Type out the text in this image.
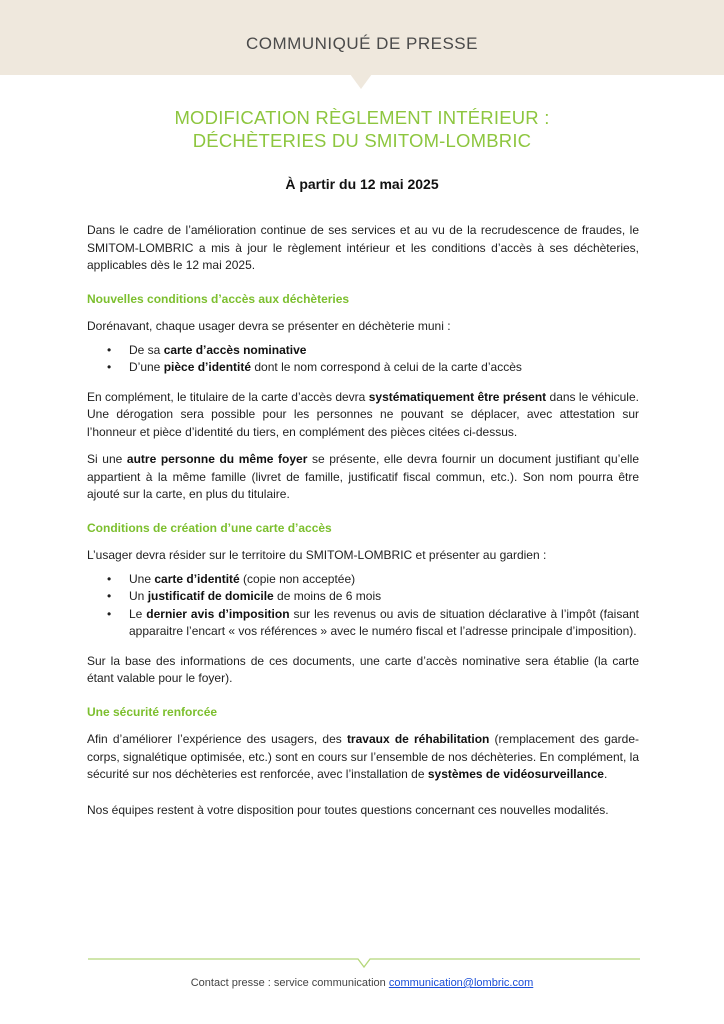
COMMUNIQUÉ DE PRESSE
MODIFICATION RÈGLEMENT INTÉRIEUR :
DÉCHÈTERIES DU SMITOM-LOMBRIC
À partir du 12 mai 2025

Dans le cadre de l’amélioration continue de ses services et au vu de la recrudescence de fraudes, le SMITOM-LOMBRIC a mis à jour le règlement intérieur et les conditions d’accès à ses déchèteries, applicables dès le 12 mai 2025.

Nouvelles conditions d’accès aux déchèteries

Dorénavant, chaque usager devra se présenter en déchèterie muni :

• De sa carte d’accès nominative
• D’une pièce d’identité dont le nom correspond à celui de la carte d’accès

En complément, le titulaire de la carte d’accès devra systématiquement être présent dans le véhicule. Une dérogation sera possible pour les personnes ne pouvant se déplacer, avec attestation sur l’honneur et pièce d’identité du tiers, en complément des pièces citées ci-dessus.

Si une autre personne du même foyer se présente, elle devra fournir un document justifiant qu’elle appartient à la même famille (livret de famille, justificatif fiscal commun, etc.). Son nom pourra être ajouté sur la carte, en plus du titulaire.

Conditions de création d’une carte d’accès

L’usager devra résider sur le territoire du SMITOM-LOMBRIC et présenter au gardien :

• Une carte d’identité (copie non acceptée)
• Un justificatif de domicile de moins de 6 mois
• Le dernier avis d’imposition sur les revenus ou avis de situation déclarative à l’impôt (faisant apparaitre l’encart « vos références » avec le numéro fiscal et l’adresse principale d’imposition).

Sur la base des informations de ces documents, une carte d’accès nominative sera établie (la carte étant valable pour le foyer).

Une sécurité renforcée

Afin d’améliorer l’expérience des usagers, des travaux de réhabilitation (remplacement des garde-corps, signalétique optimisée, etc.) sont en cours sur l’ensemble de nos déchèteries. En complément, la sécurité sur nos déchèteries est renforcée, avec l’installation de systèmes de vidéosurveillance.

Nos équipes restent à votre disposition pour toutes questions concernant ces nouvelles modalités.

Contact presse : service communication communication@lombric.com
